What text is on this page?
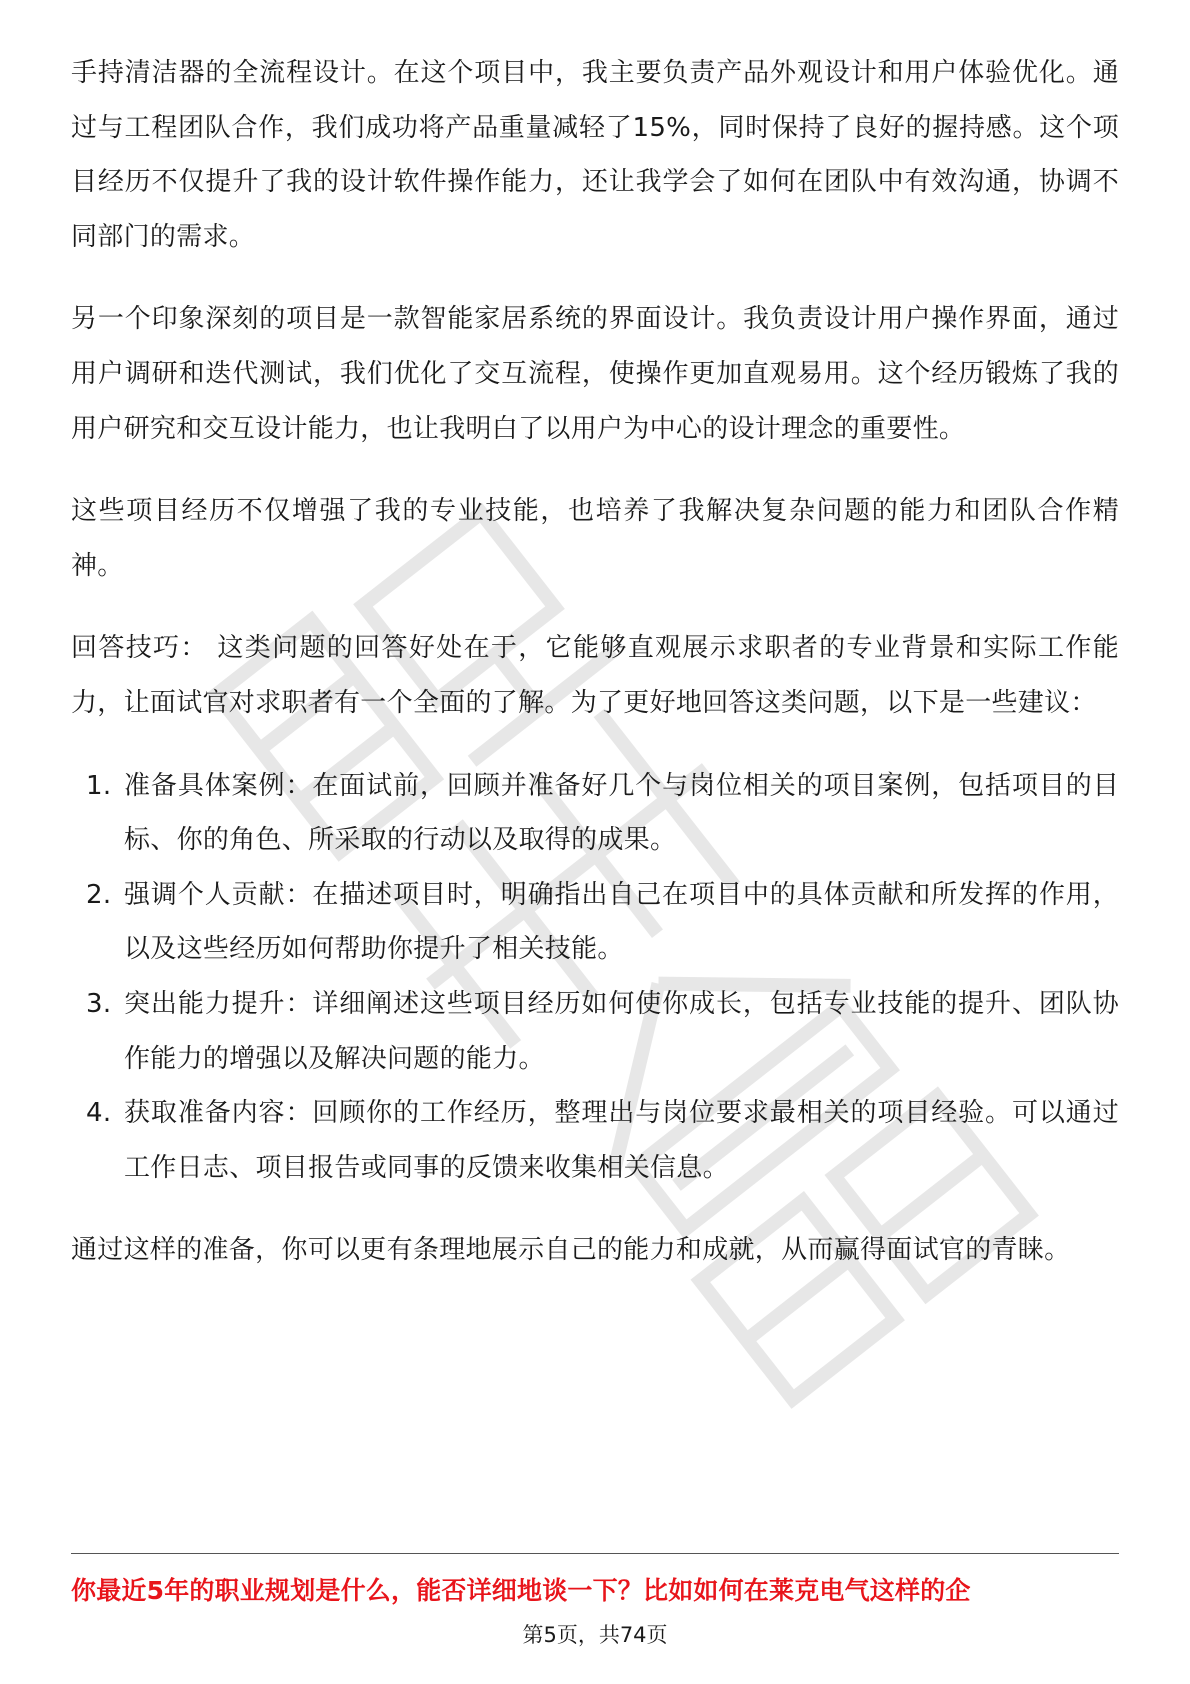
手持清洁器的全流程设计。在这个项目中，我主要负责产品外观设计和用户体验优化。通过与工程团队合作，我们成功将产品重量减轻了15%，同时保持了良好的握持感。这个项目经历不仅提升了我的设计软件操作能力，还让我学会了如何在团队中有效沟通，协调不同部门的需求。

另一个印象深刻的项目是一款智能家居系统的界面设计。我负责设计用户操作界面，通过用户调研和迭代测试，我们优化了交互流程，使操作更加直观易用。这个经历锻炼了我的用户研究和交互设计能力，也让我明白了以用户为中心的设计理念的重要性。

这些项目经历不仅增强了我的专业技能，也培养了我解决复杂问题的能力和团队合作精神。

回答技巧： 这类问题的回答好处在于，它能够直观展示求职者的专业背景和实际工作能力，让面试官对求职者有一个全面的了解。为了更好地回答这类问题，以下是一些建议：

1. 准备具体案例：在面试前，回顾并准备好几个与岗位相关的项目案例，包括项目的目标、你的角色、所采取的行动以及取得的成果。
2. 强调个人贡献：在描述项目时，明确指出自己在项目中的具体贡献和所发挥的作用，以及这些经历如何帮助你提升了相关技能。
3. 突出能力提升：详细阐述这些项目经历如何使你成长，包括专业技能的提升、团队协作能力的增强以及解决问题的能力。
4. 获取准备内容：回顾你的工作经历，整理出与岗位要求最相关的项目经验。可以通过工作日志、项目报告或同事的反馈来收集相关信息。

通过这样的准备，你可以更有条理地展示自己的能力和成就，从而赢得面试官的青睐。

你最近5年的职业规划是什么，能否详细地谈一下？比如如何在莱克电气这样的企
第5页，共74页
